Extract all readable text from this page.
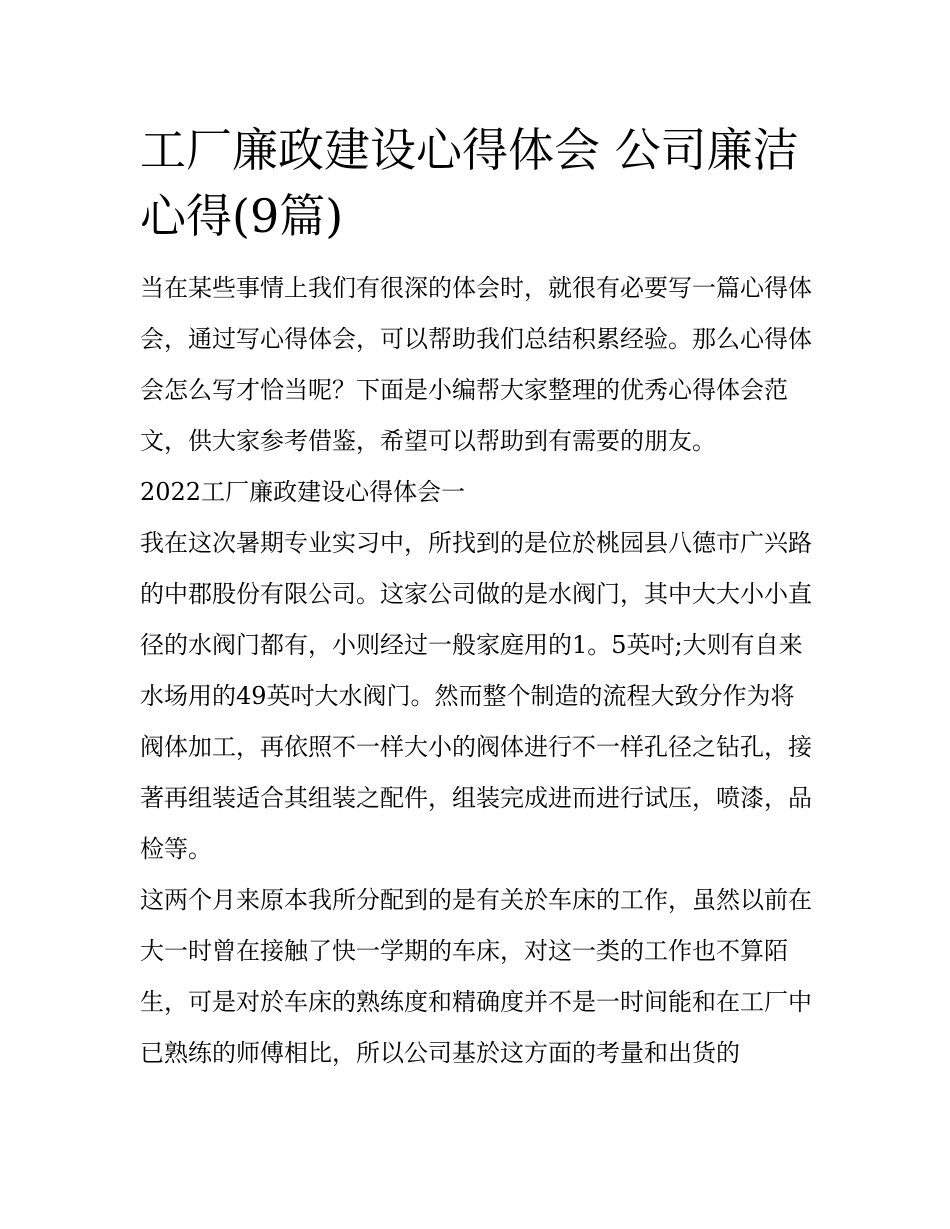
工厂廉政建设心得体会 公司廉洁心得(9篇)

当在某些事情上我们有很深的体会时，就很有必要写一篇心得体会，通过写心得体会，可以帮助我们总结积累经验。那么心得体会怎么写才恰当呢？下面是小编帮大家整理的优秀心得体会范文，供大家参考借鉴，希望可以帮助到有需要的朋友。

2022工厂廉政建设心得体会一

我在这次暑期专业实习中，所找到的是位於桃园县八德市广兴路的中郡股份有限公司。这家公司做的是水阀门，其中大大小小直径的水阀门都有，小则经过一般家庭用的1。5英吋;大则有自来水场用的49英吋大水阀门。然而整个制造的流程大致分作为将阀体加工，再依照不一样大小的阀体进行不一样孔径之钻孔，接著再组装适合其组装之配件，组装完成进而进行试压，喷漆，品检等。

这两个月来原本我所分配到的是有关於车床的工作，虽然以前在大一时曾在接触了快一学期的车床，对这一类的工作也不算陌生，可是对於车床的熟练度和精确度并不是一时间能和在工厂中已熟练的师傅相比，所以公司基於这方面的考量和出货的
